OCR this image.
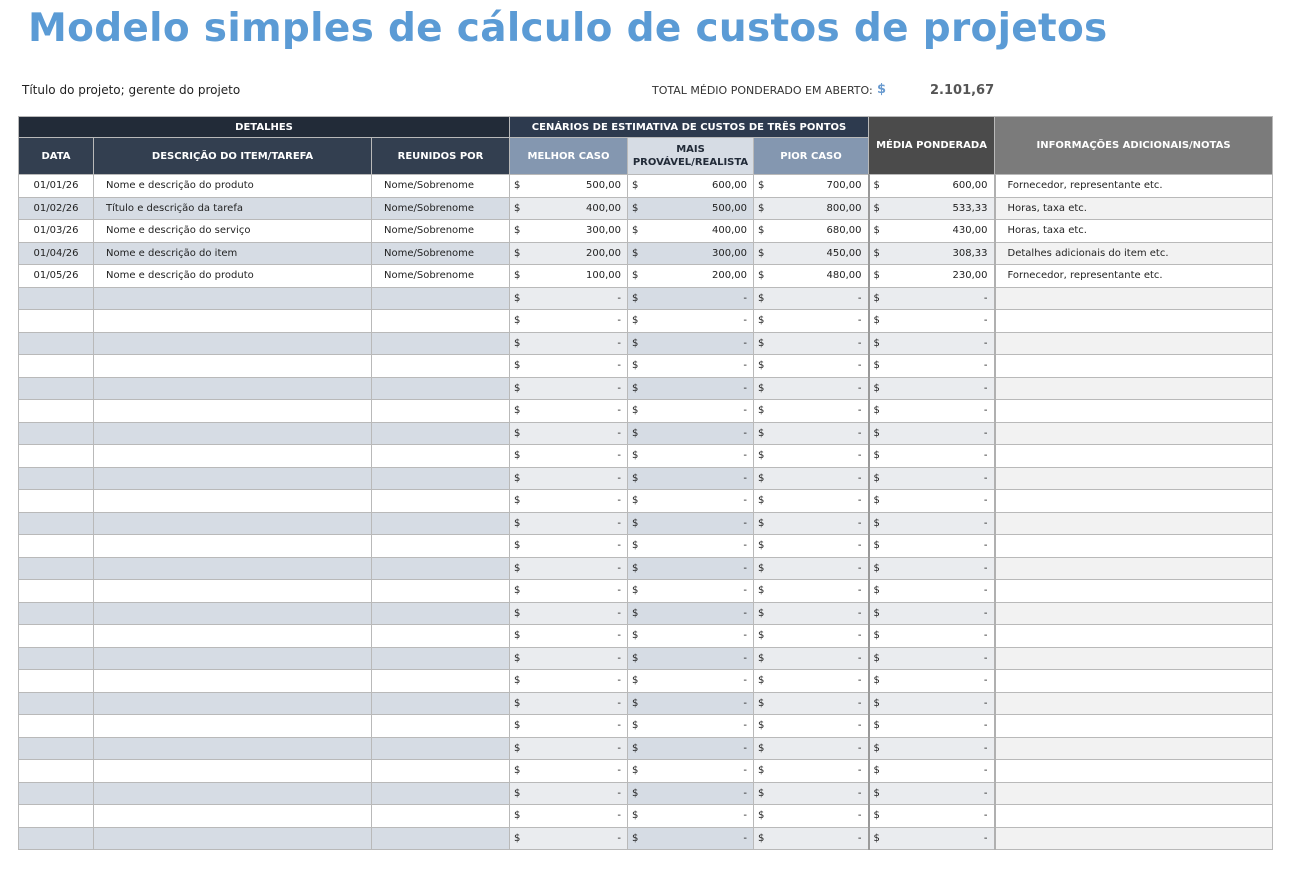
Modelo simples de cálculo de custos de projetos
Título do projeto; gerente do projeto	TOTAL MÉDIO PONDERADO EM ABERTO: $	2.101,67
DETALHES			CENÁRIOS DE ESTIMATIVA DE CUSTOS DE TRÊS PONTOS			MÉDIA PONDERADA	INFORMAÇÕES ADICIONAIS/NOTAS
DATA	DESCRIÇÃO DO ITEM/TAREFA	REUNIDOS POR	MELHOR CASO	MAIS
PROVÁVEL/REALISTA	PIOR CASO		
01/01/26	Nome e descrição do produto	Nome/Sobrenome	$ 500,00	$ 600,00	$ 700,00	$ 600,00	Fornecedor, representante etc.
01/02/26	Título e descrição da tarefa	Nome/Sobrenome	$ 400,00	$ 500,00	$ 800,00	$ 533,33	Horas, taxa etc.
01/03/26	Nome e descrição do serviço	Nome/Sobrenome	$ 300,00	$ 400,00	$ 680,00	$ 430,00	Horas, taxa etc.
01/04/26	Nome e descrição do item	Nome/Sobrenome	$ 200,00	$ 300,00	$ 450,00	$ 308,33	Detalhes adicionais do item etc.
01/05/26	Nome e descrição do produto	Nome/Sobrenome	$ 100,00	$ 200,00	$ 480,00	$ 230,00	Fornecedor, representante etc.

			$ -	$ -	$ -	$ -	

			$ -	$ -	$ -	$ -	

			$ -	$ -	$ -	$ -	

			$ -	$ -	$ -	$ -	

			$ -	$ -	$ -	$ -	

			$ -	$ -	$ -	$ -	

			$ -	$ -	$ -	$ -	

			$ -	$ -	$ -	$ -	

			$ -	$ -	$ -	$ -	

			$ -	$ -	$ -	$ -	

			$ -	$ -	$ -	$ -	

			$ -	$ -	$ -	$ -	

			$ -	$ -	$ -	$ -	

			$ -	$ -	$ -	$ -	

			$ -	$ -	$ -	$ -	

			$ -	$ -	$ -	$ -	

			$ -	$ -	$ -	$ -	

			$ -	$ -	$ -	$ -	

			$ -	$ -	$ -	$ -	

			$ -	$ -	$ -	$ -	

			$ -	$ -	$ -	$ -	

			$ -	$ -	$ -	$ -	

			$ -	$ -	$ -	$ -	

			$ -	$ -	$ -	$ -	

			$ -	$ -	$ -	$ -	
